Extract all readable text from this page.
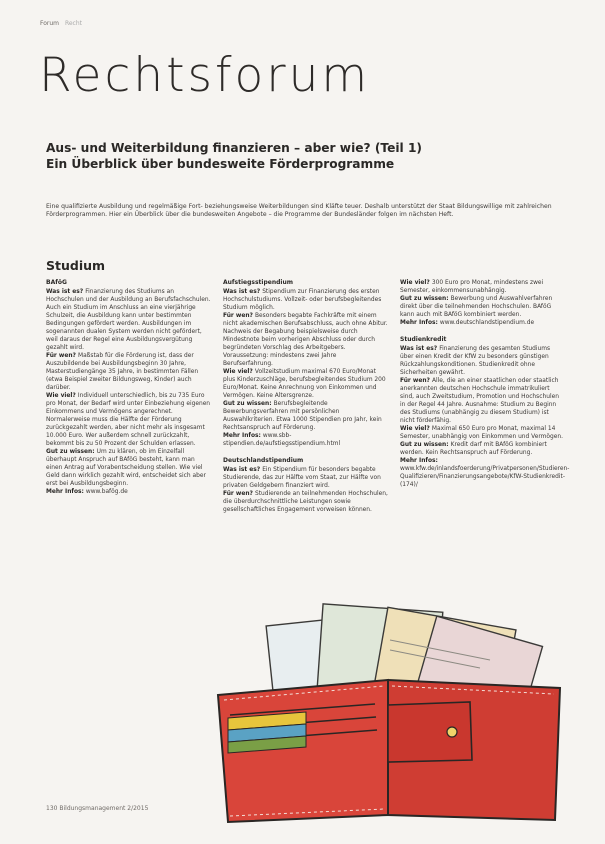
Forum Recht
Rechtsforum
Aus- und Weiterbildung finanzieren – aber wie? (Teil 1)
Ein Überblick über bundesweite Förderprogramme
Eine qualifizierte Ausbildung und regelmäßige Fort- beziehungsweise Weiterbildungen sind Kläfte teuer. Deshalb unterstützt der Staat Bildungswillige mit zahlreichen Förderprogrammen. Hier ein Überblick über die bundesweiten Angebote – die Programme der Bundesländer folgen im nächsten Heft.
Studium
BAföG

Was ist es? Finanzierung des Studiums an Hochschulen und der Ausbildung an Berufsfachschulen. Auch ein Studium im Anschluss an eine vierjährige Schulzeit, die Ausbildung kann unter bestimmten Bedingungen gefördert werden. Ausbildungen im sogenannten dualen System werden nicht gefördert, weil daraus der Regel eine Ausbildungsvergütung gezahlt wird.

Für wen? Maßstab für die Förderung ist, dass der Auszubildende bei Ausbildungsbeginn 30 Jahre, Masterstudiengänge 35 Jahre, in bestimmten Fällen (etwa Beispiel zweiter Bildungsweg, Kinder) auch darüber.

Wie viel? Individuell unterschiedlich, bis zu 735 Euro pro Monat, der Bedarf wird unter Einbeziehung eigenen Einkommens und Vermögens angerechnet. Normalerweise muss die Hälfte der Förderung zurückgezahlt werden, aber nicht mehr als insgesamt 10.000 Euro. Wer außerdem schnell zurückzahlt, bekommt bis zu 50 Prozent der Schulden erlassen.

Gut zu wissen: Um zu klären, ob im Einzelfall überhaupt Anspruch auf BAföG besteht, kann man einen Antrag auf Vorabentscheidung stellen. Wie viel Geld dann wirklich gezahlt wird, entscheidet sich aber erst bei Ausbildungsbeginn.

Mehr Infos: www.bafög.de

Aufstiegsstipendium

Was ist es? Stipendium zur Finanzierung des ersten Hochschulstudiums. Vollzeit- oder berufsbegleitendes Studium möglich.

Für wen? Besonders begabte Fachkräfte mit einem nicht akademischen Berufsabschluss, auch ohne Abitur. Nachweis der Begabung beispielsweise durch Mindestnote beim vorherigen Abschluss oder durch begründeten Vorschlag des Arbeitgebers. Voraussetzung: mindestens zwei Jahre Berufserfahrung.

Wie viel? Vollzeitstudium maximal 670 Euro/Monat plus Kinderzuschläge, berufsbegleitendes Studium 200 Euro/Monat. Keine Anrechnung von Einkommen und Vermögen. Keine Altersgrenze.

Gut zu wissen: Berufsbegleitende Bewerbungsverfahren mit persönlichen Auswahlkriterien. Etwa 1000 Stipendien pro Jahr, kein Rechtsanspruch auf Förderung.

Mehr Infos: www.sbb-stipendien.de/aufstiegsstipendium.html

Deutschlandstipendium

Was ist es? Ein Stipendium für besonders begabte Studierende, das zur Hälfte vom Staat, zur Hälfte von privaten Geldgebern finanziert wird.

Für wen? Studierende an teilnehmenden Hochschulen, die überdurchschnittliche Leistungen sowie gesellschaftliches Engagement vorweisen können.

Wie viel? 300 Euro pro Monat, mindestens zwei Semester, einkommensunabhängig.

Gut zu wissen: Bewerbung und Auswahlverfahren direkt über die teilnehmenden Hochschulen. BAföG kann auch mit BAföG kombiniert werden.

Mehr Infos: www.deutschlandstipendium.de

Studienkredit

Was ist es? Finanzierung des gesamten Studiums über einen Kredit der KfW zu besonders günstigen Rückzahlungskonditionen. Studienkredit ohne Sicherheiten gewährt.

Für wen? Alle, die an einer staatlichen oder staatlich anerkannten deutschen Hochschule immatrikuliert sind, auch Zweitstudium, Promotion und Hochschulen in der Regel 44 Jahre. Ausnahme: Studium zu Beginn des Studiums (unabhängig zu diesem Studium) ist nicht förderfähig.

Wie viel? Maximal 650 Euro pro Monat, maximal 14 Semester, unabhängig von Einkommen und Vermögen.

Gut zu wissen: Kredit darf mit BAföG kombiniert werden. Kein Rechtsanspruch auf Förderung.

Mehr Infos: www.kfw.de/inlandsfoerderung/Privatpersonen/Studieren-Qualifizieren/Finanzierungsangebote/KfW-Studienkredit-(174)/

130 Bildungsmanagement 2/2015
